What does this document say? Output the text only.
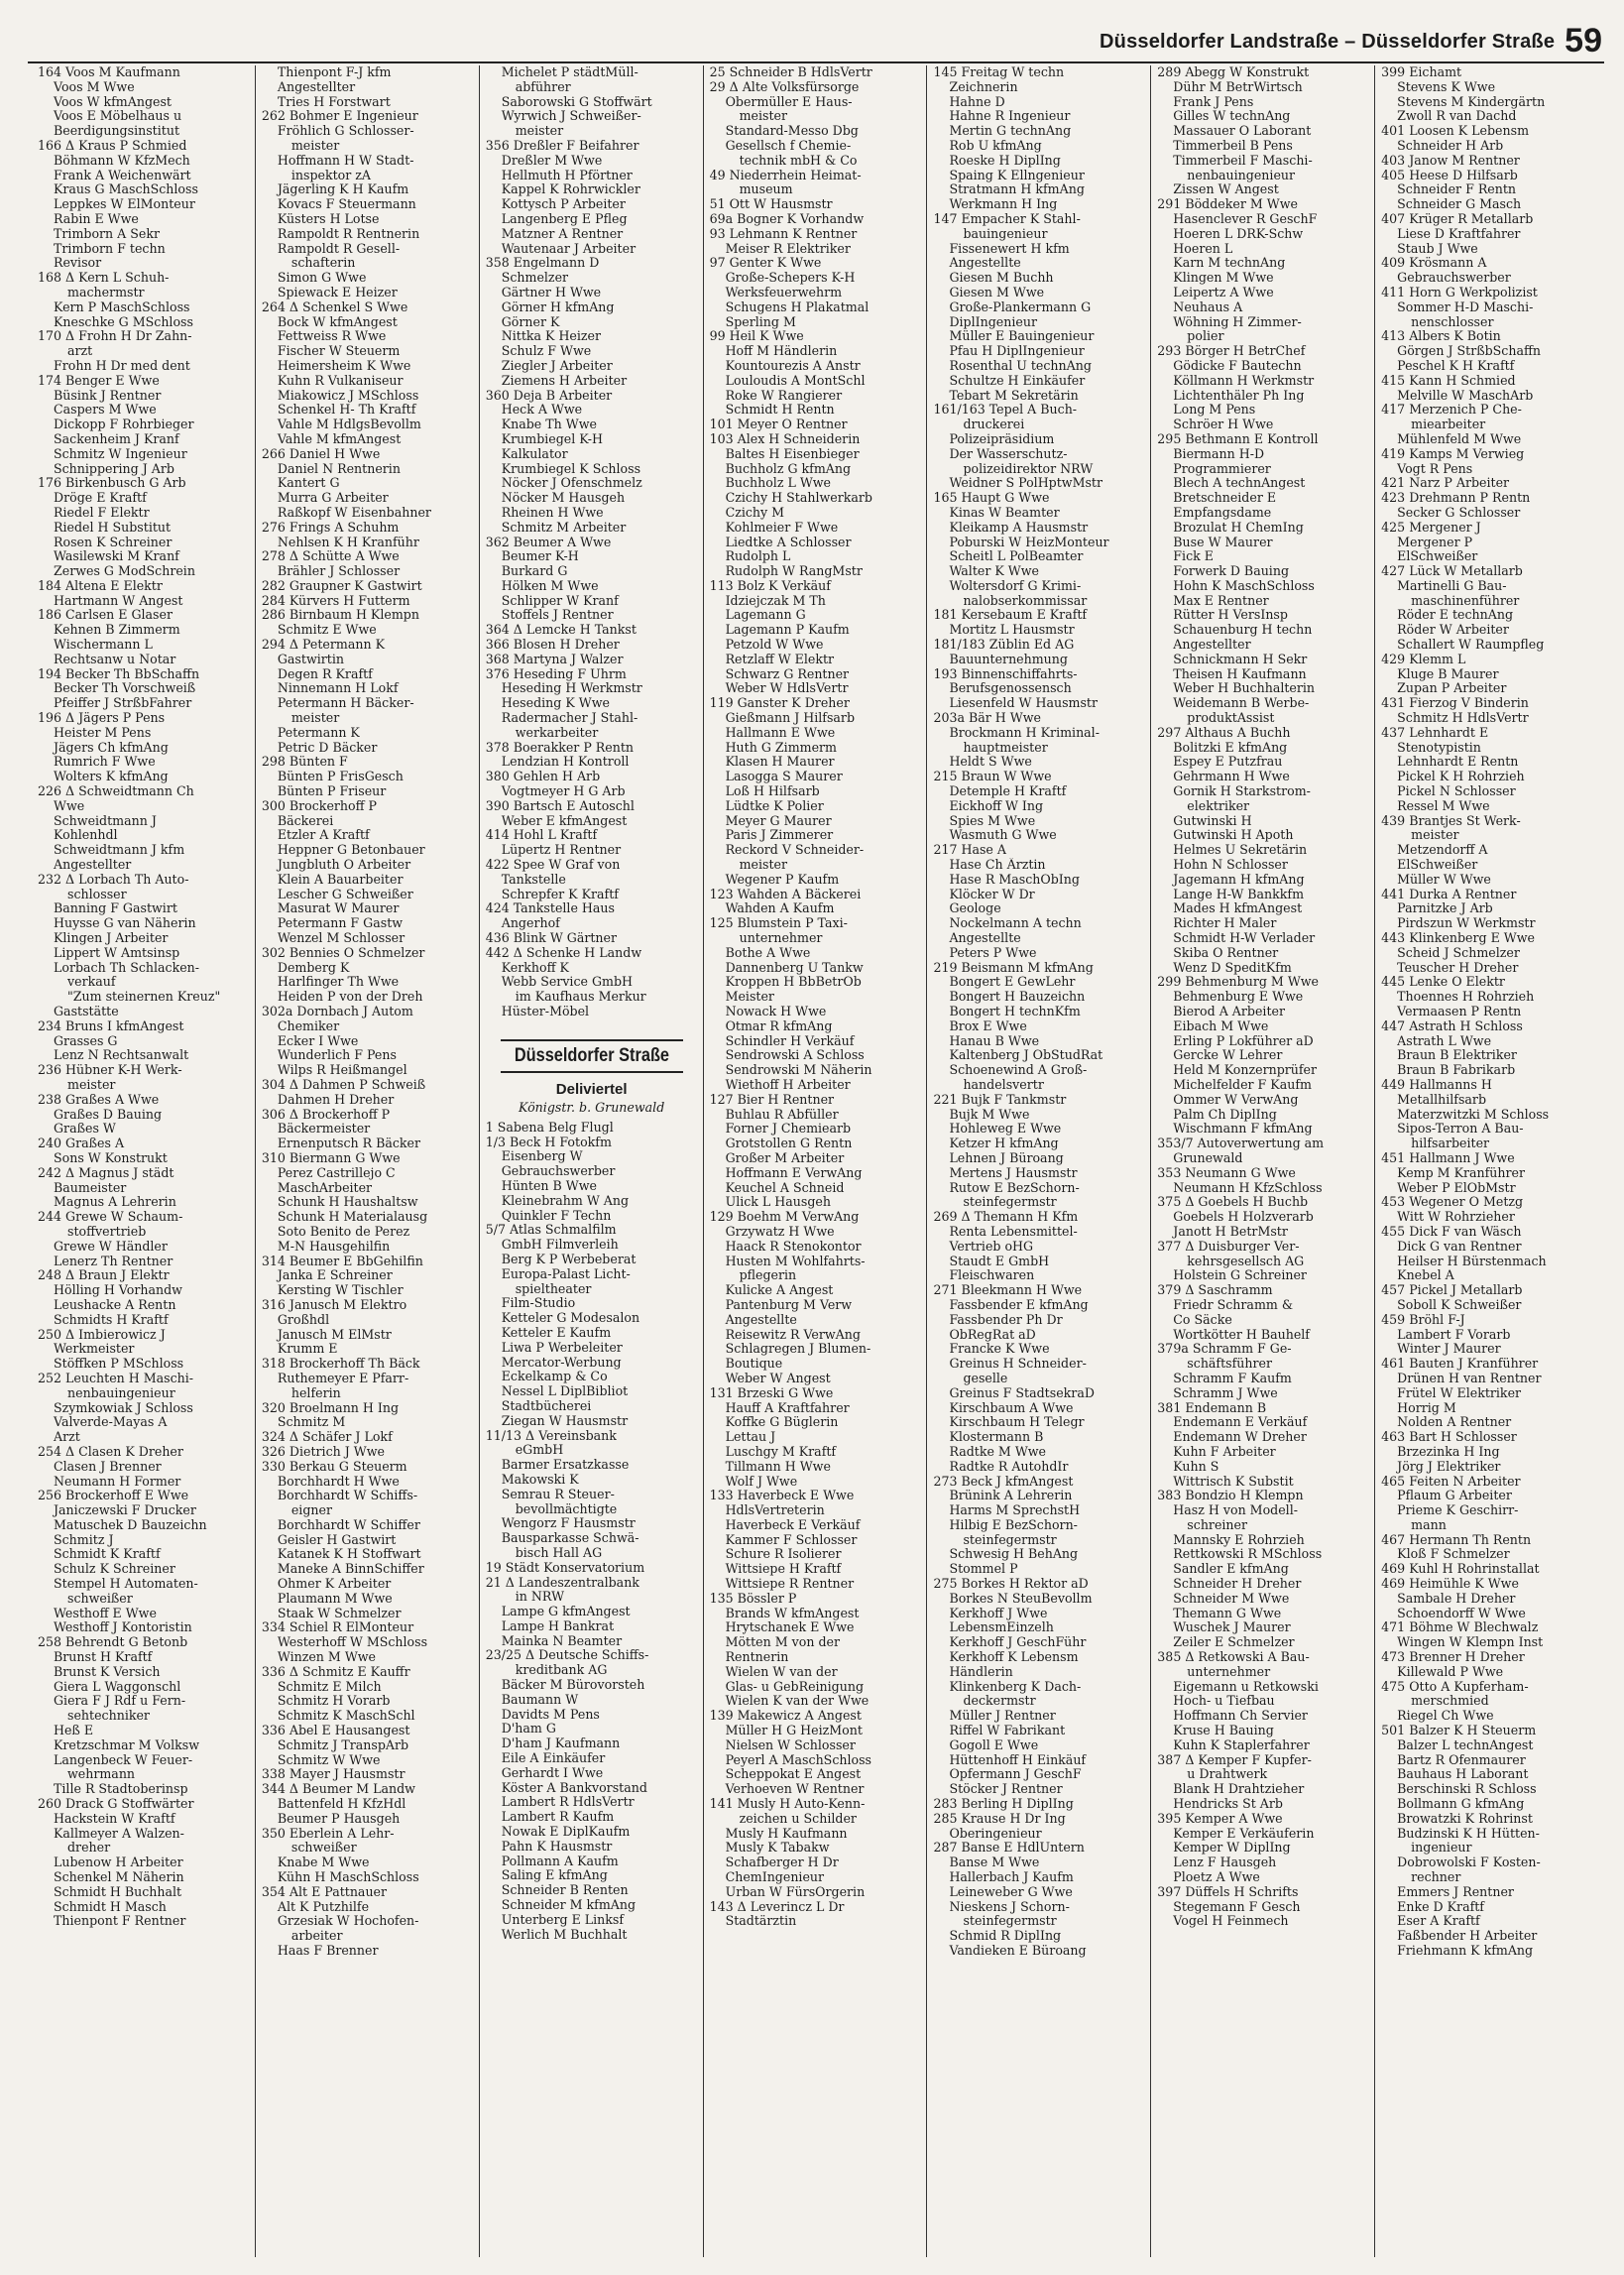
Düsseldorfer Landstraße – Düsseldorfer Straße 59
164 Voos M Kaufmann
Voos M Wwe
Voos W kfmAngest
Voos E Möbelhaus u
Beerdigungsinstitut
166 Δ Kraus P Schmied
Böhmann W KfzMech
Frank A Weichenwärt
Kraus G MaschSchloss
Leppkes W ElMonteur
Rabin E Wwe
Trimborn A Sekr
Trimborn F techn
Revisor
168 Δ Kern L Schuh-
machermstr
Kern P MaschSchloss
Kneschke G MSchloss
170 Δ Frohn H Dr Zahn-
arzt
Frohn H Dr med dent
174 Benger E Wwe
Büsink J Rentner
Caspers M Wwe
Dickopp F Rohrbieger
Sackenheim J Kranf
Schmitz W Ingenieur
Schnippering J Arb
176 Birkenbusch G Arb
Dröge E Kraftf
Riedel F Elektr
Riedel H Substitut
Rosen K Schreiner
Wasilewski M Kranf
Zerwes G ModSchrein
184 Altena E Elektr
Hartmann W Angest
186 Carlsen E Glaser
Kehnen B Zimmerm
Wischermann L
Rechtsanw u Notar
194 Becker Th BbSchaffn
Becker Th Vorschweiß
Pfeiffer J StrßbFahrer
196 Δ Jägers P Pens
Heister M Pens
Jägers Ch kfmAng
Rumrich F Wwe
Wolters K kfmAng
226 Δ Schweidtmann Ch
Wwe
Schweidtmann J
Kohlenhdl
Schweidtmann J kfm
Angestellter
232 Δ Lorbach Th Auto-
schlosser
Banning F Gastwirt
Huysse G van Näherin
Klingen J Arbeiter
Lippert W Amtsinsp
Lorbach Th Schlacken-
verkauf
"Zum steinernen Kreuz"
Gaststätte
234 Bruns I kfmAngest
Grasses G
Lenz N Rechtsanwalt
236 Hübner K-H Werk-
meister
238 Graßes A Wwe
Graßes D Bauing
Graßes W
240 Graßes A
Sons W Konstrukt
242 Δ Magnus J städt
Baumeister
Magnus A Lehrerin
244 Grewe W Schaum-
stoffvertrieb
Grewe W Händler
Lenerz Th Rentner
248 Δ Braun J Elektr
Hölling H Vorhandw
Leushacke A Rentn
Schmidts H Kraftf
250 Δ Imbierowicz J
Werkmeister
Stöffken P MSchloss
252 Leuchten H Maschi-
nenbauingenieur
Szymkowiak J Schloss
Valverde-Mayas A
Arzt
254 Δ Clasen K Dreher
Clasen J Brenner
Neumann H Former
256 Brockerhoff E Wwe
Janiczewski F Drucker
Matuschek D Bauzeichn
Schmitz J
Schmidt K Kraftf
Schulz K Schreiner
Stempel H Automaten-
schweißer
Westhoff E Wwe
Westhoff J Kontoristin
258 Behrendt G Betonb
Brunst H Kraftf
Brunst K Versich
Giera L Waggonschl
Giera F J Rdf u Fern-
sehtechniker
Heß E
Kretzschmar M Volksw
Langenbeck W Feuer-
wehrmann
Tille R Stadtoberinsp
260 Drack G Stoffwärter
Hackstein W Kraftf
Kallmeyer A Walzen-
dreher
Lubenow H Arbeiter
Schenkel M Näherin
Schmidt H Buchhalt
Schmidt H Masch
Thienpont F Rentner
Thienpont F-J kfm
Angestellter
Tries H Forstwart
262 Bohmer E Ingenieur
Fröhlich G Schlosser-
meister
Hoffmann H W Stadt-
inspektor zA
Jägerling K H Kaufm
Kovacs F Steuermann
Küsters H Lotse
Rampoldt R Rentnerin
Rampoldt R Gesell-
schafterin
Simon G Wwe
Spiewack E Heizer
264 Δ Schenkel S Wwe
Bock W kfmAngest
Fettweiss R Wwe
Fischer W Steuerm
Heimersheim K Wwe
Kuhn R Vulkaniseur
Miakowicz J MSchloss
Schenkel H- Th Kraftf
Vahle M HdlgsBevollm
Vahle M kfmAngest
266 Daniel H Wwe
Daniel N Rentnerin
Kantert G
Murra G Arbeiter
Raßkopf W Eisenbahner
276 Frings A Schuhm
Nehlsen K H Kranführ
278 Δ Schütte A Wwe
Brähler J Schlosser
282 Graupner K Gastwirt
284 Kürvers H Futterm
286 Birnbaum H Klempn
Schmitz E Wwe
294 Δ Petermann K
Gastwirtin
Degen R Kraftf
Ninnemann H Lokf
Petermann H Bäcker-
meister
Petermann K
Petric D Bäcker
298 Bünten F
Bünten P FrisGesch
Bünten P Friseur
300 Brockerhoff P
Bäckerei
Etzler A Kraftf
Heppner G Betonbauer
Jungbluth O Arbeiter
Klein A Bauarbeiter
Lescher G Schweißer
Masurat W Maurer
Petermann F Gastw
Wenzel M Schlosser
302 Bennies O Schmelzer
Demberg K
Harlfinger Th Wwe
Heiden P von der Dreh
302a Dornbach J Autom
Chemiker
Ecker I Wwe
Wunderlich F Pens
Wilps R Heißmangel
304 Δ Dahmen P Schweiß
Dahmen H Dreher
306 Δ Brockerhoff P
Bäckermeister
Ernenputsch R Bäcker
310 Biermann G Wwe
Perez Castrillejo C
MaschArbeiter
Schunk H Haushaltsw
Schunk H Materialausg
Soto Benito de Perez
M-N Hausgehilfin
314 Beumer E BbGehilfin
Janka E Schreiner
Kersting W Tischler
316 Janusch M Elektro
Großhdl
Janusch M ElMstr
Krumm E
318 Brockerhoff Th Bäck
Ruthemeyer E Pfarr-
helferin
320 Broelmann H Ing
Schmitz M
324 Δ Schäfer J Lokf
326 Dietrich J Wwe
330 Berkau G Steuerm
Borchhardt H Wwe
Borchhardt W Schiffs-
eigner
Borchhardt W Schiffer
Geisler H Gastwirt
Katanek K H Stoffwart
Maneke A BinnSchiffer
Ohmer K Arbeiter
Plaumann M Wwe
Staak W Schmelzer
334 Schiel R ElMonteur
Westerhoff W MSchloss
Winzen M Wwe
336 Δ Schmitz E Kauffr
Schmitz E Milch
Schmitz H Vorarb
Schmitz K MaschSchl
336 Abel E Hausangest
Schmitz J TranspArb
Schmitz W Wwe
338 Mayer J Hausmstr
344 Δ Beumer M Landw
Battenfeld H KfzHdl
Beumer P Hausgeh
350 Eberlein A Lehr-
schweißer
Knabe M Wwe
Kühn H MaschSchloss
354 Alt E Pattnauer
Alt K Putzhilfe
Grzesiak W Hochofen-
arbeiter
Haas F Brenner
Michelet P städtMüll-
abführer
Saborowski G Stoffwärt
Wyrwich J Schweißer-
meister
356 Dreßler F Beifahrer
Dreßler M Wwe
Hellmuth H Pförtner
Kappel K Rohrwickler
Kottysch P Arbeiter
Langenberg E Pfleg
Matzner A Rentner
Wautenaar J Arbeiter
358 Engelmann D
Schmelzer
Gärtner H Wwe
Görner H kfmAng
Görner K
Nittka K Heizer
Schulz F Wwe
Ziegler J Arbeiter
Ziemens H Arbeiter
360 Deja B Arbeiter
Heck A Wwe
Knabe Th Wwe
Krumbiegel K-H
Kalkulator
Krumbiegel K Schloss
Nöcker J Ofenschmelz
Nöcker M Hausgeh
Rheinen H Wwe
Schmitz M Arbeiter
362 Beumer A Wwe
Beumer K-H
Burkard G
Hölken M Wwe
Schlipper W Kranf
Stoffels J Rentner
364 Δ Lemcke H Tankst
366 Blosen H Dreher
368 Martyna J Walzer
376 Heseding F Uhrm
Heseding H Werkmstr
Heseding K Wwe
Radermacher J Stahl-
werkarbeiter
378 Boerakker P Rentn
Lendzian H Kontroll
380 Gehlen H Arb
Vogtmeyer H G Arb
390 Bartsch E Autoschl
Weber E kfmAngest
414 Hohl L Kraftf
Lüpertz H Rentner
422 Spee W Graf von
Tankstelle
Schrepfer K Kraftf
424 Tankstelle Haus
Angerhof
436 Blink W Gärtner
442 Δ Schenke H Landw
Kerkhoff K
Webb Service GmbH
im Kaufhaus Merkur
Hüster-Möbel
Düsseldorfer Straße
Deliviertel
Königstr. b. Grunewald
1 Sabena Belg Flugl
1/3 Beck H Fotokfm
Eisenberg W
Gebrauchswerber
Hünten B Wwe
Kleinebrahm W Ang
Quinkler F Techn
5/7 Atlas Schmalfilm
GmbH Filmverleih
Berg K P Werbeberat
Europa-Palast Licht-
spieltheater
Film-Studio
Ketteler G Modesalon
Ketteler E Kaufm
Liwa P Werbeleiter
Mercator-Werbung
Eckelkamp & Co
Nessel L DiplBibliot
Stadtbücherei
Ziegan W Hausmstr
11/13 Δ Vereinsbank
eGmbH
Barmer Ersatzkasse
Makowski K
Semrau R Steuer-
bevollmächtigte
Wengorz F Hausmstr
Bausparkasse Schwä-
bisch Hall AG
19 Städt Konservatorium
21 Δ Landeszentralbank
in NRW
Lampe G kfmAngest
Lampe H Bankrat
Mainka N Beamter
23/25 Δ Deutsche Schiffs-
kreditbank AG
Bäcker M Bürovorsteh
Baumann W
Davidts M Pens
D'ham G
D'ham J Kaufmann
Eile A Einkäufer
Gerhardt I Wwe
Köster A Bankvorstand
Lambert R HdlsVertr
Lambert R Kaufm
Nowak E DiplKaufm
Pahn K Hausmstr
Pollmann A Kaufm
Saling E kfmAng
Schneider B Renten
Schneider M kfmAng
Unterberg E Linksf
Werlich M Buchhalt
25 Schneider B HdlsVertr
29 Δ Alte Volksfürsorge
Obermüller E Haus-
meister
Standard-Messo Dbg
Gesellsch f Chemie-
technik mbH & Co
49 Niederrhein Heimat-
museum
51 Ott W Hausmstr
69a Bogner K Vorhandw
93 Lehmann K Rentner
Meiser R Elektriker
97 Genter K Wwe
Große-Schepers K-H
Werksfeuerwehrm
Schugens H Plakatmal
Sperling M
99 Heil K Wwe
Hoff M Händlerin
Kountourezis A Anstr
Louloudis A MontSchl
Roke W Rangierer
Schmidt H Rentn
101 Meyer O Rentner
103 Alex H Schneiderin
Baltes H Eisenbieger
Buchholz G kfmAng
Buchholz L Wwe
Czichy H Stahlwerkarb
Czichy M
Kohlmeier F Wwe
Liedtke A Schlosser
Rudolph L
Rudolph W RangMstr
113 Bolz K Verkäuf
Idziejczak M Th
Lagemann G
Lagemann P Kaufm
Petzold W Wwe
Retzlaff W Elektr
Schwarz G Rentner
Weber W HdlsVertr
119 Ganster K Dreher
Gießmann J Hilfsarb
Hallmann E Wwe
Huth G Zimmerm
Klasen H Maurer
Lasogga S Maurer
Loß H Hilfsarb
Lüdtke K Polier
Meyer G Maurer
Paris J Zimmerer
Reckord V Schneider-
meister
Wegener P Kaufm
123 Wahden A Bäckerei
Wahden A Kaufm
125 Blumstein P Taxi-
unternehmer
Bothe A Wwe
Dannenberg U Tankw
Kroppen H BbBetrOb
Meister
Nowack H Wwe
Otmar R kfmAng
Schindler H Verkäuf
Sendrowski A Schloss
Sendrowski M Näherin
Wiethoff H Arbeiter
127 Bier H Rentner
Buhlau R Abfüller
Forner J Chemiearb
Grotstollen G Rentn
Großer M Arbeiter
Hoffmann E VerwAng
Keuchel A Schneid
Ulick L Hausgeh
129 Boehm M VerwAng
Grzywatz H Wwe
Haack R Stenokontor
Husten M Wohlfahrts-
pflegerin
Kulicke A Angest
Pantenburg M Verw
Angestellte
Reisewitz R VerwAng
Schlagregen J Blumen-
Boutique
Weber W Angest
131 Brzeski G Wwe
Hauff A Kraftfahrer
Koffke G Büglerin
Lettau J
Luschgy M Kraftf
Tillmann H Wwe
Wolf J Wwe
133 Haverbeck E Wwe
HdlsVertreterin
Haverbeck E Verkäuf
Kammer F Schlosser
Schure R Isolierer
Wittsiepe H Kraftf
Wittsiepe R Rentner
135 Bössler P
Brands W kfmAngest
Hrytschanek E Wwe
Mötten M von der
Rentnerin
Wielen W van der
Glas- u GebReinigung
Wielen K van der Wwe
139 Makewicz A Angest
Müller H G HeizMont
Nielsen W Schlosser
Peyerl A MaschSchloss
Scheppokat E Angest
Verhoeven W Rentner
141 Musly H Auto-Kenn-
zeichen u Schilder
Musly H Kaufmann
Musly K Tabakw
Schafberger H Dr
ChemIngenieur
Urban W FürsOrgerin
143 Δ Leverincz L Dr
Stadtärztin
145 Freitag W techn
Zeichnerin
Hahne D
Hahne R Ingenieur
Mertin G technAng
Rob U kfmAng
Roeske H DiplIng
Spaing K Ellngenieur
Stratmann H kfmAng
Werkmann H Ing
147 Empacher K Stahl-
bauingenieur
Fissenewert H kfm
Angestellte
Giesen M Buchh
Giesen M Wwe
Große-Plankermann G
DiplIngenieur
Müller E Bauingenieur
Pfau H DiplIngenieur
Rosenthal U technAng
Schultze H Einkäufer
Tebart M Sekretärin
161/163 Tepel A Buch-
druckerei
Polizeipräsidium
Der Wasserschutz-
polizeidirektor NRW
Weidner S PolHptwMstr
165 Haupt G Wwe
Kinas W Beamter
Kleikamp A Hausmstr
Poburski W HeizMonteur
Scheitl L PolBeamter
Walter K Wwe
Woltersdorf G Krimi-
nalobserkommissar
181 Kersebaum E Kraftf
Mortitz L Hausmstr
181/183 Züblin Ed AG
Bauunternehmung
193 Binnenschiffahrts-
Berufsgenossensch
Liesenfeld W Hausmstr
203a Bär H Wwe
Brockmann H Kriminal-
hauptmeister
Heldt S Wwe
215 Braun W Wwe
Detemple H Kraftf
Eickhoff W Ing
Spies M Wwe
Wasmuth G Wwe
217 Hase A
Hase Ch Ärztin
Hase R MaschObIng
Klöcker W Dr
Geologe
Nockelmann A techn
Angestellte
Peters P Wwe
219 Beismann M kfmAng
Bongert E GewLehr
Bongert H Bauzeichn
Bongert H technKfm
Brox E Wwe
Hanau B Wwe
Kaltenberg J ObStudRat
Schoenewind A Groß-
handelsvertr
221 Bujk F Tankmstr
Bujk M Wwe
Hohleweg E Wwe
Ketzer H kfmAng
Lehnen J Büroang
Mertens J Hausmstr
Rutow E BezSchorn-
steinfegermstr
269 Δ Themann H Kfm
Renta Lebensmittel-
Vertrieb oHG
Staudt E GmbH
Fleischwaren
271 Bleekmann H Wwe
Fassbender E kfmAng
Fassbender Ph Dr
ObRegRat aD
Francke K Wwe
Greinus H Schneider-
geselle
Greinus F StadtsekraD
Kirschbaum A Wwe
Kirschbaum H Telegr
Klostermann B
Radtke M Wwe
Radtke R AutohdIr
273 Beck J kfmAngest
Brünink A Lehrerin
Harms M SprechstH
Hilbig E BezSchorn-
steinfegermstr
Schwesig H BehAng
Stommel P
275 Borkes H Rektor aD
Borkes N SteuBevollm
Kerkhoff J Wwe
LebensmEinzelh
Kerkhoff J GeschFühr
Kerkhoff K Lebensm
Händlerin
Klinkenberg K Dach-
deckermstr
Müller J Rentner
Riffel W Fabrikant
Gogoll E Wwe
Hüttenhoff H Einkäuf
Opfermann J GeschF
Stöcker J Rentner
283 Berling H DiplIng
285 Krause H Dr Ing
Oberingenieur
287 Banse E HdlUntern
Banse M Wwe
Hallerbach J Kaufm
Leineweber G Wwe
Nieskens J Schorn-
steinfegermstr
Schmid R DiplIng
Vandieken E Büroang
289 Abegg W Konstrukt
Dühr M BetrWirtsch
Frank J Pens
Gilles W technAng
Massauer O Laborant
Timmerbeil B Pens
Timmerbeil F Maschi-
nenbauingenieur
Zissen W Angest
291 Böddeker M Wwe
Hasenclever R GeschF
Hoeren L DRK-Schw
Hoeren L
Karn M technAng
Klingen M Wwe
Leipertz A Wwe
Neuhaus A
Wöhning H Zimmer-
polier
293 Börger H BetrChef
Gödicke F Bautechn
Köllmann H Werkmstr
Lichtenthäler Ph Ing
Long M Pens
Schröer H Wwe
295 Bethmann E Kontroll
Biermann H-D
Programmierer
Blech A technAngest
Bretschneider E
Empfangsdame
Brozulat H ChemIng
Buse W Maurer
Fick E
Forwerk D Bauing
Hohn K MaschSchloss
Max E Rentner
Rütter H VersInsp
Schauenburg H techn
Angestellter
Schnickmann H Sekr
Theisen H Kaufmann
Weber H Buchhalterin
Weidemann B Werbe-
produktAssist
297 Althaus A Buchh
Bolitzki E kfmAng
Espey E Putzfrau
Gehrmann H Wwe
Gornik H Starkstrom-
elektriker
Gutwinski H
Gutwinski H Apoth
Helmes U Sekretärin
Hohn N Schlosser
Jagemann H kfmAng
Lange H-W Bankkfm
Mades H kfmAngest
Richter H Maler
Schmidt H-W Verlader
Skiba O Rentner
Wenz D SpeditKfm
299 Behmenburg M Wwe
Behmenburg E Wwe
Bierod A Arbeiter
Eibach M Wwe
Erling P Lokführer aD
Gercke W Lehrer
Held M Konzernprüfer
Michelfelder F Kaufm
Ommer W VerwAng
Palm Ch DiplIng
Wischmann F kfmAng
353/7 Autoverwertung am
Grunewald
353 Neumann G Wwe
Neumann H KfzSchloss
375 Δ Goebels H Buchb
Goebels H Holzverarb
Janott H BetrMstr
377 Δ Duisburger Ver-
kehrsgesellsch AG
Holstein G Schreiner
379 Δ Saschramm
Friedr Schramm &
Co Säcke
Wortkötter H Bauhelf
379a Schramm F Ge-
schäftsführer
Schramm F Kaufm
Schramm J Wwe
381 Endemann B
Endemann E Verkäuf
Endemann W Dreher
Kuhn F Arbeiter
Kuhn S
Wittrisch K Substit
383 Bondzio H Klempn
Hasz H von Modell-
schreiner
Mannsky E Rohrzieh
Rettkowski R MSchloss
Sandler E kfmAng
Schneider H Dreher
Schneider M Wwe
Themann G Wwe
Wuschek J Maurer
Zeiler E Schmelzer
385 Δ Retkowski A Bau-
unternehmer
Eigemann u Retkowski
Hoch- u Tiefbau
Hoffmann Ch Servier
Kruse H Bauing
Kuhn K Staplerfahrer
387 Δ Kemper F Kupfer-
u Drahtwerk
Blank H Drahtzieher
Hendricks St Arb
395 Kemper A Wwe
Kemper E Verkäuferin
Kemper W DiplIng
Lenz F Hausgeh
Ploetz A Wwe
397 Düffels H Schrifts
Stegemann F Gesch
Vogel H Feinmech
399 Eichamt
Stevens K Wwe
Stevens M Kindergärtn
Zwoll R van Dachd
401 Loosen K Lebensm
Schneider H Arb
403 Janow M Rentner
405 Heese D Hilfsarb
Schneider F Rentn
Schneider G Masch
407 Krüger R Metallarb
Liese D Kraftfahrer
Staub J Wwe
409 Krösmann A
Gebrauchswerber
411 Horn G Werkpolizist
Sommer H-D Maschi-
nenschlosser
413 Albers K Botin
Görgen J StrßbSchaffn
Peschel K H Kraftf
415 Kann H Schmied
Melville W MaschArb
417 Merzenich P Che-
miearbeiter
Mühlenfeld M Wwe
419 Kamps M Verwieg
Vogt R Pens
421 Narz P Arbeiter
423 Drehmann P Rentn
Secker G Schlosser
425 Mergener J
Mergener P
ElSchweißer
427 Lück W Metallarb
Martinelli G Bau-
maschinenführer
Röder E technAng
Röder W Arbeiter
Schallert W Raumpfleg
429 Klemm L
Kluge B Maurer
Zupan P Arbeiter
431 Fierzog V Binderin
Schmitz H HdlsVertr
437 Lehnhardt E
Stenotypistin
Lehnhardt E Rentn
Pickel K H Rohrzieh
Pickel N Schlosser
Ressel M Wwe
439 Brantjes St Werk-
meister
Metzendorff A
ElSchweißer
Müller W Wwe
441 Durka A Rentner
Parnitzke J Arb
Pirdszun W Werkmstr
443 Klinkenberg E Wwe
Scheid J Schmelzer
Teuscher H Dreher
445 Lenke O Elektr
Thoennes H Rohrzieh
Vermaasen P Rentn
447 Astrath H Schloss
Astrath L Wwe
Braun B Elektriker
Braun B Fabrikarb
449 Hallmanns H
Metallhilfsarb
Materzwitzki M Schloss
Sipos-Terron A Bau-
hilfsarbeiter
451 Hallmann J Wwe
Kemp M Kranführer
Weber P ElObMstr
453 Wegener O Metzg
Witt W Rohrzieher
455 Dick F van Wäsch
Dick G van Rentner
Heilser H Bürstenmach
Knebel A
457 Pickel J Metallarb
Soboll K Schweißer
459 Bröhl F-J
Lambert F Vorarb
Winter J Maurer
461 Bauten J Kranführer
Drünen H van Rentner
Frütel W Elektriker
Horrig M
Nolden A Rentner
463 Bart H Schlosser
Brzezinka H Ing
Jörg J Elektriker
465 Feiten N Arbeiter
Pflaum G Arbeiter
Prieme K Geschirr-
mann
467 Hermann Th Rentn
Kloß F Schmelzer
469 Kuhl H Rohrinstallat
469 Heimühle K Wwe
Sambale H Dreher
Schoendorff W Wwe
471 Böhme W Blechwalz
Wingen W Klempn Inst
473 Brenner H Dreher
Killewald P Wwe
475 Otto A Kupferham-
merschmied
Riegel Ch Wwe
501 Balzer K H Steuerm
Balzer L technAngest
Bartz R Ofenmaurer
Bauhaus H Laborant
Berschinski R Schloss
Bollmann G kfmAng
Browatzki K Rohrinst
Budzinski K H Hütten-
ingenieur
Dobrowolski F Kosten-
rechner
Emmers J Rentner
Enke D Kraftf
Eser A Kraftf
Faßbender H Arbeiter
Friehmann K kfmAng
